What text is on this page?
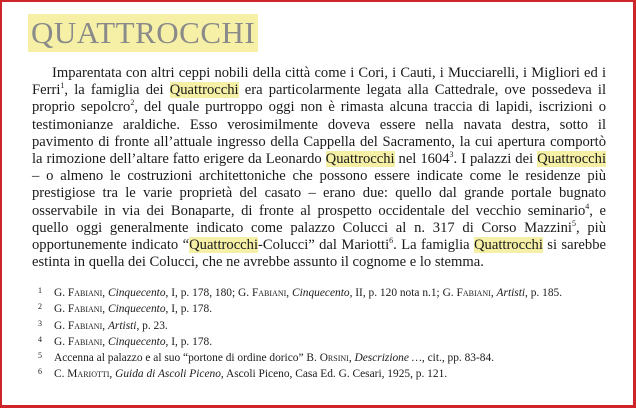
QUATTROCCHI

Imparentata con altri ceppi nobili della città come i Cori, i Cauti, i Mucciarelli, i Migliori ed i Ferri$^1$, la famiglia dei Quattrocchi era particolarmente legata alla Cattedrale, ove possedeva il proprio sepolcro$^2$, del quale purtroppo oggi non è rimasta alcuna traccia di lapidi, iscrizioni o testimonianze araldiche. Esso verosimilmente doveva essere nella navata destra, sotto il pavimento di fronte all’attuale ingresso della Cappella del Sacramento, la cui apertura comportò la rimozione dell’altare fatto erigere da Leonardo Quattrocchi nel 1604$^3$. I palazzi dei Quattrocchi – o almeno le costruzioni architettoniche che possono essere indicate come le residenze più prestigiose tra le varie proprietà del casato – erano due: quello dal grande portale bugnato osservabile in via dei Bonaparte, di fronte al prospetto occidentale del vecchio seminario$^4$, e quello oggi generalmente indicato come palazzo Colucci al n. 317 di Corso Mazzini$^5$, più opportunemente indicato “Quattrocchi-Colucci” dal Mariotti$^6$. La famiglia Quattrocchi si sarebbe estinta in quella dei Colucci, che ne avrebbe assunto il cognome e lo stemma.

1 G. Fabiani, Cinquecento, I, p. 178, 180; G. Fabiani, Cinquecento, II, p. 120 nota n.1; G. Fabiani, Artisti, p. 185.
2 G. Fabiani, Cinquecento, I, p. 178.
3 G. Fabiani, Artisti, p. 23.
4 G. Fabiani, Cinquecento, I, p. 178.
5 Accenna al palazzo e al suo “portone di ordine dorico” B. Orsini, Descrizione …, cit., pp. 83-84.
6 C. Mariotti, Guida di Ascoli Piceno, Ascoli Piceno, Casa Ed. G. Cesari, 1925, p. 121.
